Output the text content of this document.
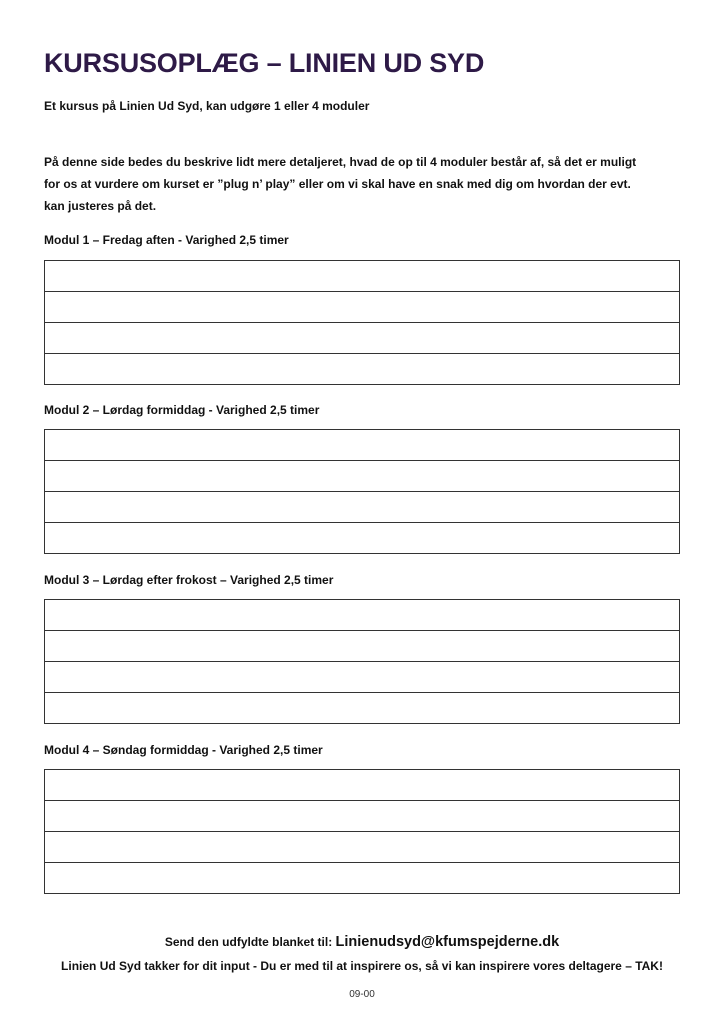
KURSUSOPLÆG – LINIEN UD SYD
Et kursus på Linien Ud Syd, kan udgøre 1 eller 4 moduler
På denne side bedes du beskrive lidt mere detaljeret, hvad de op til 4 moduler består af, så det er muligt
for os at vurdere om kurset er ”plug n’ play” eller om vi skal have en snak med dig om hvordan der evt.
kan justeres på det.
Modul 1 – Fredag aften - Varighed 2,5 timer
Modul 2 – Lørdag formiddag - Varighed 2,5 timer
Modul 3 – Lørdag efter frokost – Varighed 2,5 timer
Modul 4 – Søndag formiddag - Varighed 2,5 timer
Send den udfyldte blanket til: Linienudsyd@kfumspejderne.dk
Linien Ud Syd takker for dit input - Du er med til at inspirere os, så vi kan inspirere vores deltagere – TAK!
09-00
